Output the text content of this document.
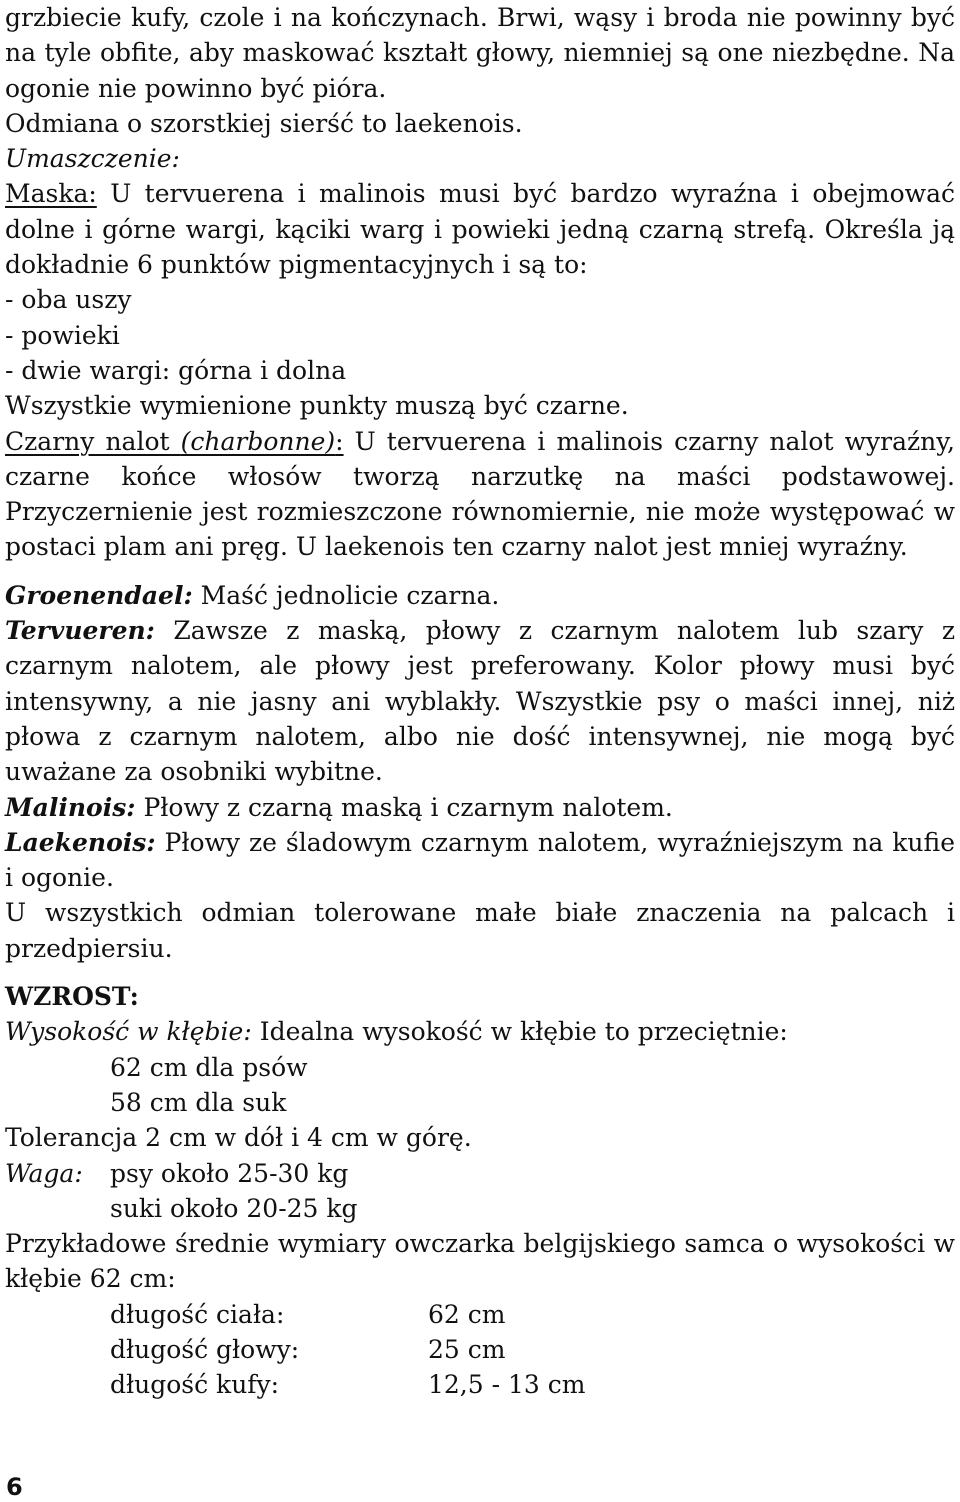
grzbiecie kufy, czole i na kończynach. Brwi, wąsy i broda nie powinny być na tyle obfite, aby maskować kształt głowy, niemniej są one niezbędne. Na ogonie nie powinno być pióra.

Odmiana o szorstkiej sierść to laekenois.

Umaszczenie:

Maska: U tervuerena i malinois musi być bardzo wyraźna i obejmować dolne i górne wargi, kąciki warg i powieki jedną czarną strefą. Określa ją dokładnie 6 punktów pigmentacyjnych i są to:

- oba uszy

- powieki

- dwie wargi: górna i dolna

Wszystkie wymienione punkty muszą być czarne.

Czarny nalot (charbonne): U tervuerena i malinois czarny nalot wyraźny, czarne końce włosów tworzą narzutkę na maści podstawowej. Przyczernienie jest rozmieszczone równomiernie, nie może występować w postaci plam ani pręg. U laekenois ten czarny nalot jest mniej wyraźny.

Groenendael: Maść jednolicie czarna.

Tervueren: Zawsze z maską, płowy z czarnym nalotem lub szary z czarnym nalotem, ale płowy jest preferowany. Kolor płowy musi być intensywny, a nie jasny ani wyblakły. Wszystkie psy o maści innej, niż płowa z czarnym nalotem, albo nie dość intensywnej, nie mogą być uważane za osobniki wybitne.

Malinois: Płowy z czarną maską i czarnym nalotem.

Laekenois: Płowy ze śladowym czarnym nalotem, wyraźniejszym na kufie i ogonie.

U wszystkich odmian tolerowane małe białe znaczenia na palcach i przedpiersiu.

WZROST:

Wysokość w kłębie: Idealna wysokość w kłębie to przeciętnie:

62 cm dla psów

58 cm dla suk

Tolerancja 2 cm w dół i 4 cm w górę.

Waga:	psy około 25-30 kg
suki około 20-25 kg

Przykładowe średnie wymiary owczarka belgijskiego samca o wysokości w kłębie 62 cm:

długość ciała:	62 cm
długość głowy:	25 cm
długość kufy:	12,5 - 13 cm
6
